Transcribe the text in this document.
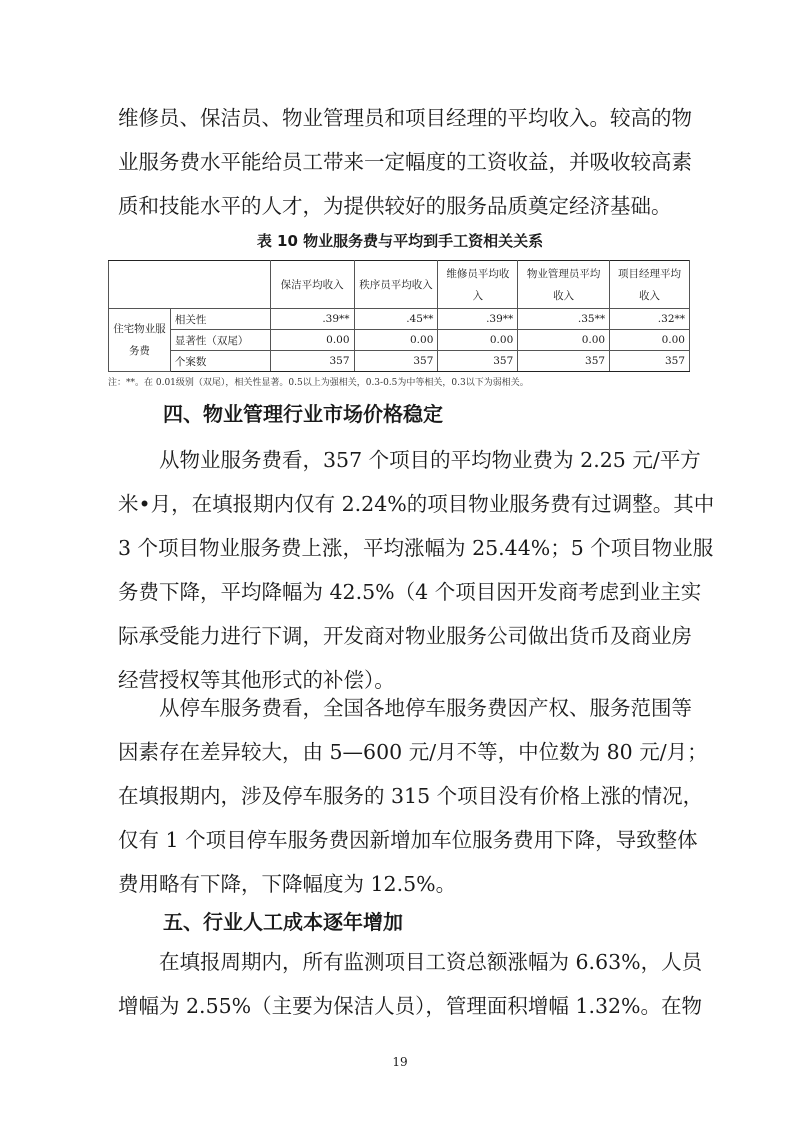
维修员、保洁员、物业管理员和项目经理的平均收入。较高的物
业服务费水平能给员工带来一定幅度的工资收益，并吸收较高素
质和技能水平的人才，为提供较好的服务品质奠定经济基础。

表 10 物业服务费与平均到手工资相关关系

		保洁平均收入	秩序员平均收入	维修员平均收入	物业管理员平均收入	项目经理平均收入
住宅物业服务费	相关性	.39**	.45**	.39**	.35**	.32**
	显著性（双尾）	0.00	0.00	0.00	0.00	0.00
	个案数	357	357	357	357	357

注：**。在 0.01级别（双尾），相关性显著。0.5以上为强相关，0.3-0.5为中等相关，0.3以下为弱相关。

四、物业管理行业市场价格稳定
从物业服务费看，357 个项目的平均物业费为 2.25 元/平方
米•月，在填报期内仅有 2.24%的项目物业服务费有过调整。其中
3 个项目物业服务费上涨，平均涨幅为 25.44%；5 个项目物业服
务费下降，平均降幅为 42.5%（4 个项目因开发商考虑到业主实
际承受能力进行下调，开发商对物业服务公司做出货币及商业房
经营授权等其他形式的补偿）。
从停车服务费看，全国各地停车服务费因产权、服务范围等
因素存在差异较大，由 5—600 元/月不等，中位数为 80 元/月；
在填报期内，涉及停车服务的 315 个项目没有价格上涨的情况，
仅有 1 个项目停车服务费因新增加车位服务费用下降，导致整体
费用略有下降，下降幅度为 12.5%。
五、行业人工成本逐年增加
在填报周期内，所有监测项目工资总额涨幅为 6.63%，人员
增幅为 2.55%（主要为保洁人员），管理面积增幅 1.32%。在物

19
